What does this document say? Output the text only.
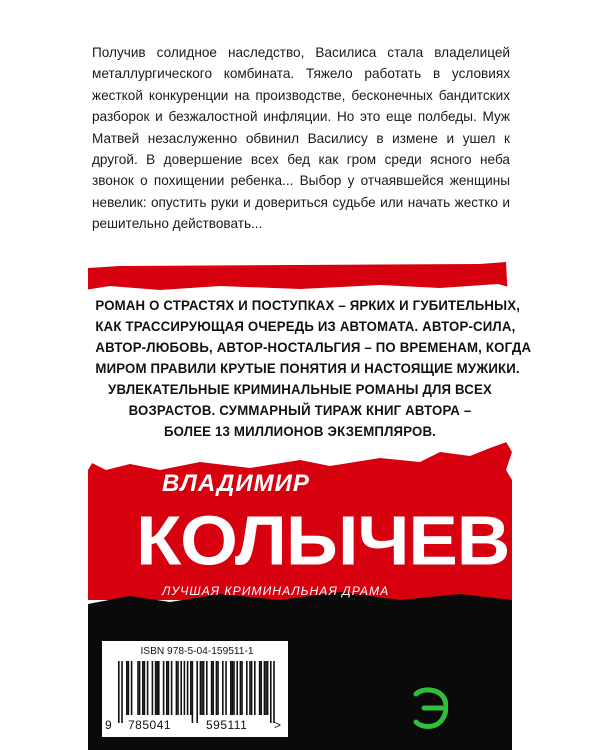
Получив солидное наследство, Василиса стала владелицей металлургического комбината. Тяжело работать в условиях жесткой конкуренции на производстве, бесконечных бандитских разборок и безжалостной инфляции. Но это еще полбеды. Муж Матвей незаслуженно обвинил Василису в измене и ушел к другой. В довершение всех бед как гром среди ясного неба звонок о похищении ребенка... Выбор у отчаявшейся женщины невелик: опустить руки и довериться судьбе или начать жестко и решительно действовать...

РОМАН О СТРАСТЯХ И ПОСТУПКАХ – ЯРКИХ И ГУБИТЕЛЬНЫХ,
КАК ТРАССИРУЮЩАЯ ОЧЕРЕДЬ ИЗ АВТОМАТА. АВТОР-СИЛА,
АВТОР-ЛЮБОВЬ, АВТОР-НОСТАЛЬГИЯ – ПО ВРЕМЕНАМ, КОГДА
МИРОМ ПРАВИЛИ КРУТЫЕ ПОНЯТИЯ И НАСТОЯЩИЕ МУЖИКИ.
УВЛЕКАТЕЛЬНЫЕ КРИМИНАЛЬНЫЕ РОМАНЫ ДЛЯ ВСЕХ
ВОЗРАСТОВ. СУММАРНЫЙ ТИРАЖ КНИГ АВТОРА –
БОЛЕЕ 13 МИЛЛИОНОВ ЭКЗЕМПЛЯРОВ.
ВЛАДИМИР
КОЛЫЧЕВ
ЛУЧШАЯ КРИМИНАЛЬНАЯ ДРАМА
ISBN 978-5-04-159511-1
9 785041	595111 >
